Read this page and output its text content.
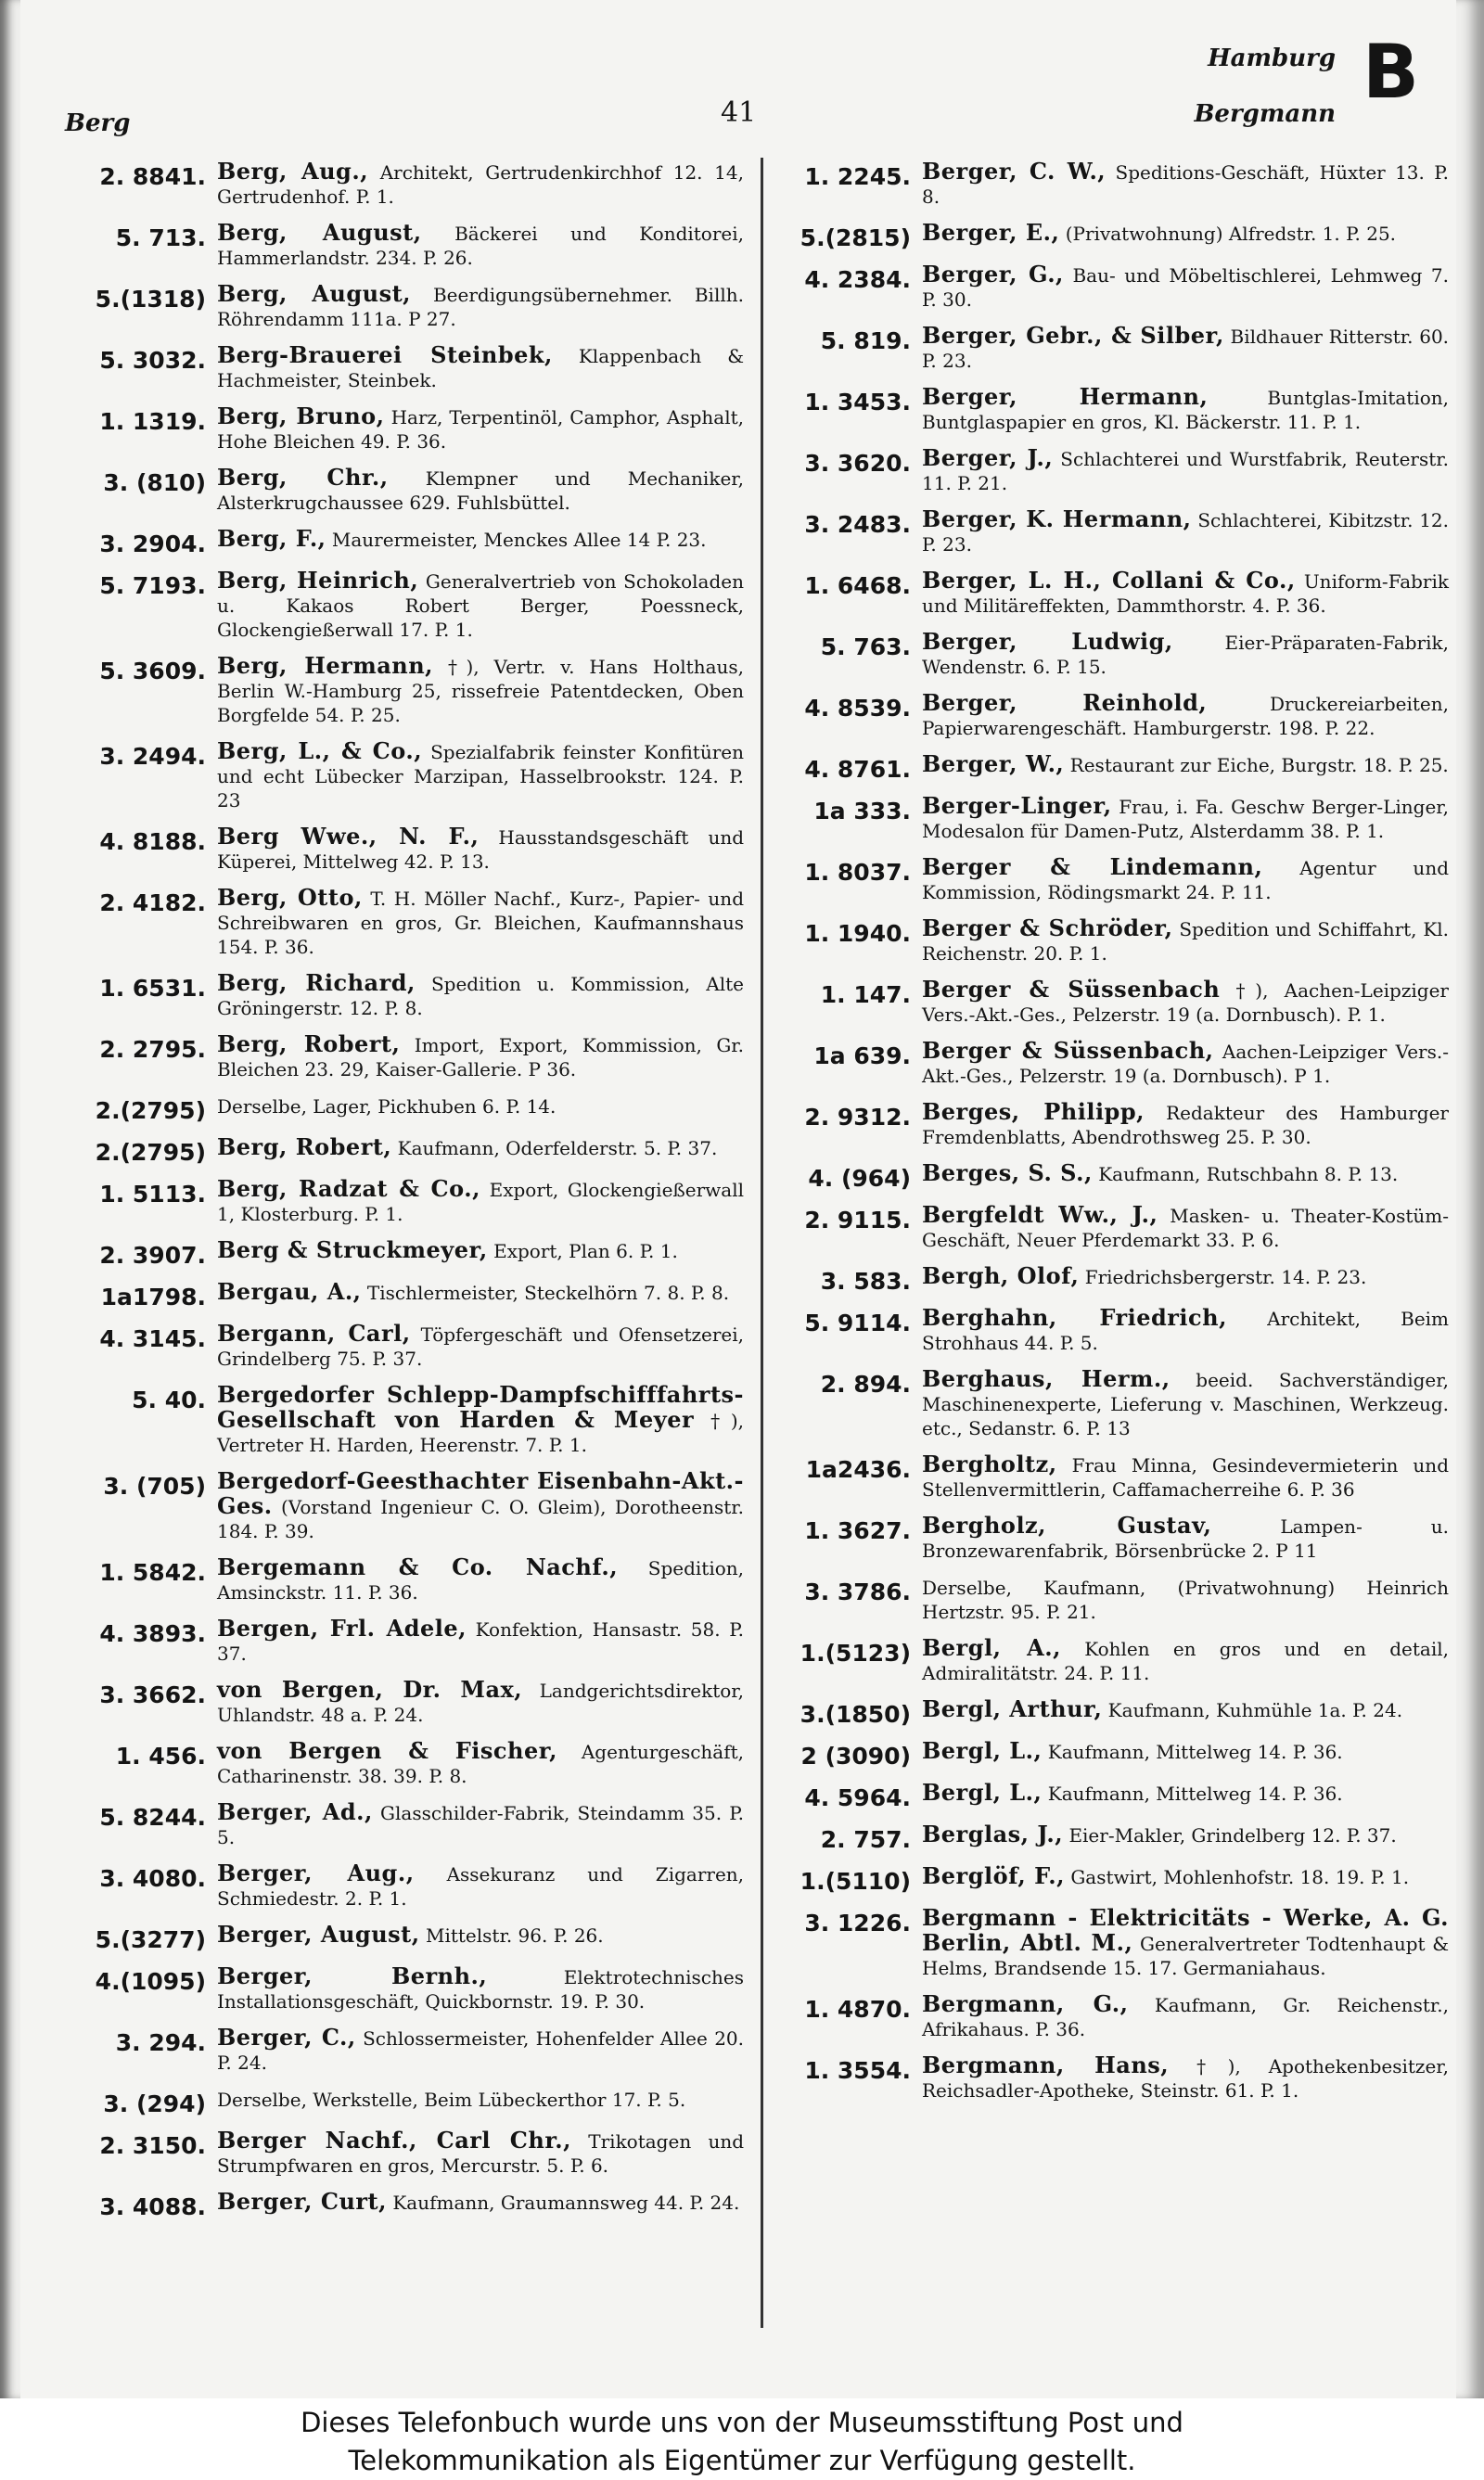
Berg	41
Hamburg
Bergmann B
2. 8841. Berg, Aug., Architekt, Gertrudenkirchhof 12. 14, Gertrudenhof. P. 1.
5. 713. Berg, August, Bäckerei und Konditorei, Hammerlandstr. 234. P. 26.
5.(1318) Berg, August, Beerdigungsübernehmer. Billh. Röhrendamm 111a. P 27.
5. 3032. Berg-Brauerei Steinbek, Klappenbach & Hachmeister, Steinbek.
1. 1319. Berg, Bruno, Harz, Terpentinöl, Camphor, Asphalt, Hohe Bleichen 49. P. 36.
3. (810) Berg, Chr., Klempner und Mechaniker, Alsterkrugchaussee 629. Fuhlsbüttel.
3. 2904. Berg, F., Maurermeister, Menckes Allee 14 P. 23.
5. 7193. Berg, Heinrich, Generalvertrieb von Schokoladen u. Kakaos Robert Berger, Poessneck, Glockengießerwall 17. P. 1.
5. 3609. Berg, Hermann, †), Vertr. v. Hans Holthaus, Berlin W.-Hamburg 25, rissefreie Patentdecken, Oben Borgfelde 54. P. 25.
3. 2494. Berg, L., & Co., Spezialfabrik feinster Konfitüren und echt Lübecker Marzipan, Hasselbrookstr. 124. P. 23
4. 8188. Berg Wwe., N. F., Hausstandsgeschäft und Küperei, Mittelweg 42. P. 13.
2. 4182. Berg, Otto, T. H. Möller Nachf., Kurz-, Papier- und Schreibwaren en gros, Gr. Bleichen, Kaufmannshaus 154. P. 36.
1. 6531. Berg, Richard, Spedition u. Kommission, Alte Gröningerstr. 12. P. 8.
2. 2795. Berg, Robert, Import, Export, Kommission, Gr. Bleichen 23. 29, Kaiser-Gallerie. P 36.
2.(2795) Derselbe, Lager, Pickhuben 6. P. 14.
2.(2795) Berg, Robert, Kaufmann, Oderfelderstr. 5. P. 37.
1. 5113. Berg, Radzat & Co., Export, Glockengießerwall 1, Klosterburg. P. 1.
2. 3907. Berg & Struckmeyer, Export, Plan 6. P. 1.
1a1798. Bergau, A., Tischlermeister, Steckelhörn 7. 8. P. 8.
4. 3145. Bergann, Carl, Töpfergeschäft und Ofensetzerei, Grindelberg 75. P. 37.
5. 40. Bergedorfer Schlepp-Dampfschifffahrts-Gesellschaft von Harden & Meyer †), Vertreter H. Harden, Heerenstr. 7. P. 1.
3. (705) Bergedorf-Geesthachter Eisenbahn-Akt.-Ges. (Vorstand Ingenieur C. O. Gleim), Dorotheenstr. 184. P. 39.
1. 5842. Bergemann & Co. Nachf., Spedition, Amsinckstr. 11. P. 36.
4. 3893. Bergen, Frl. Adele, Konfektion, Hansastr. 58. P. 37.
3. 3662. von Bergen, Dr. Max, Landgerichtsdirektor, Uhlandstr. 48 a. P. 24.
1. 456. von Bergen & Fischer, Agenturgeschäft, Catharinenstr. 38. 39. P. 8.
5. 8244. Berger, Ad., Glasschilder-Fabrik, Steindamm 35. P. 5.
3. 4080. Berger, Aug., Assekuranz und Zigarren, Schmiedestr. 2. P. 1.
5.(3277) Berger, August, Mittelstr. 96. P. 26.
4.(1095) Berger, Bernh.,	Elektrotechnisches Installationsgeschäft, Quickbornstr. 19. P. 30.
3. 294. Berger, C., Schlossermeister, Hohenfelder Allee 20. P. 24.
3. (294) Derselbe, Werkstelle, Beim Lübeckerthor 17. P. 5.
2. 3150. Berger Nachf., Carl Chr., Trikotagen und Strumpfwaren en gros, Mercurstr. 5. P. 6.
3. 4088. Berger, Curt, Kaufmann, Graumannsweg 44. P. 24.
1. 2245. Berger, C. W., Speditions-Geschäft, Hüxter 13. P. 8.
5.(2815) Berger, E., (Privatwohnung) Alfredstr. 1. P. 25.
4. 2384. Berger, G., Bau- und Möbeltischlerei, Lehmweg 7. P. 30.
5. 819. Berger, Gebr., & Silber, Bildhauer Ritterstr. 60. P. 23.
1. 3453. Berger, Hermann,	Buntglas-Imitation, Buntglaspapier en gros, Kl. Bäckerstr. 11. P. 1.
3. 3620. Berger, J., Schlachterei und Wurstfabrik, Reuterstr. 11. P. 21.
3. 2483. Berger, K. Hermann, Schlachterei, Kibitzstr. 12. P. 23.
1. 6468. Berger, L. H., Collani & Co., Uniform-Fabrik und Militäreffekten, Dammthorstr. 4. P. 36.
5. 763. Berger, Ludwig,	Eier-Präparaten-Fabrik, Wendenstr. 6. P. 15.
4. 8539. Berger, Reinhold,	Druckereiarbeiten, Papierwarengeschäft. Hamburgerstr. 198. P. 22.
4. 8761. Berger, W., Restaurant zur Eiche, Burgstr. 18. P. 25.
1a 333. Berger-Linger, Frau, i. Fa. Geschw Berger-Linger, Modesalon für Damen-Putz, Alsterdamm 38. P. 1.
1. 8037. Berger & Lindemann, Agentur und Kommission, Rödingsmarkt 24. P. 11.
1. 1940. Berger & Schröder, Spedition und Schiffahrt, Kl. Reichenstr. 20. P. 1.
1. 147. Berger & Süssenbach †), Aachen-Leipziger Vers.-Akt.-Ges., Pelzerstr. 19 (a. Dornbusch). P. 1.
1a 639. Berger & Süssenbach, Aachen-Leipziger Vers.-Akt.-Ges., Pelzerstr. 19 (a. Dornbusch). P 1.
2. 9312. Berges, Philipp, Redakteur des Hamburger Fremdenblatts, Abendrothsweg 25. P. 30.
4. (964) Berges, S. S., Kaufmann, Rutschbahn 8. P. 13.
2. 9115. Bergfeldt Ww., J., Masken- u. Theater-Kostüm-Geschäft, Neuer Pferdemarkt 33. P. 6.
3. 583. Bergh, Olof, Friedrichsbergerstr. 14. P. 23.
5. 9114. Berghahn, Friedrich, Architekt, Beim Strohhaus 44. P. 5.
2. 894. Berghaus, Herm., beeid. Sachverständiger, Maschinenexperte, Lieferung v. Maschinen, Werkzeug. etc., Sedanstr. 6. P. 13
1a2436. Bergholtz, Frau Minna, Gesindevermieterin und Stellenvermittlerin, Caffamacherreihe 6. P. 36
1. 3627. Bergholz, Gustav,	Lampen- u. Bronzewarenfabrik, Börsenbrücke 2. P 11
3. 3786. Derselbe, Kaufmann, (Privatwohnung) Heinrich Hertzstr. 95. P. 21.
1.(5123) Bergl, A., Kohlen en gros und en detail, Admiralitätstr. 24. P. 11.
3.(1850) Bergl, Arthur, Kaufmann, Kuhmühle 1a. P. 24.
2 (3090) Bergl, L., Kaufmann, Mittelweg 14. P. 36.
4. 5964. Bergl, L., Kaufmann, Mittelweg 14. P. 36.
2. 757. Berglas, J., Eier-Makler, Grindelberg 12. P. 37.
1.(5110) Berglöf, F., Gastwirt, Mohlenhofstr. 18. 19. P. 1.
3. 1226. Bergmann - Elektricitäts - Werke, A. G. Berlin, Abtl. M., Generalvertreter Todtenhaupt & Helms, Brandsende 15. 17. Germaniahaus.
1. 4870. Bergmann, G., Kaufmann, Gr. Reichenstr., Afrikahaus. P. 36.
1. 3554. Bergmann, Hans, †), Apothekenbesitzer, Reichsadler-Apotheke, Steinstr. 61. P. 1.
Dieses Telefonbuch wurde uns von der Museumsstiftung Post und
Telekommunikation als Eigentümer zur Verfügung gestellt.
